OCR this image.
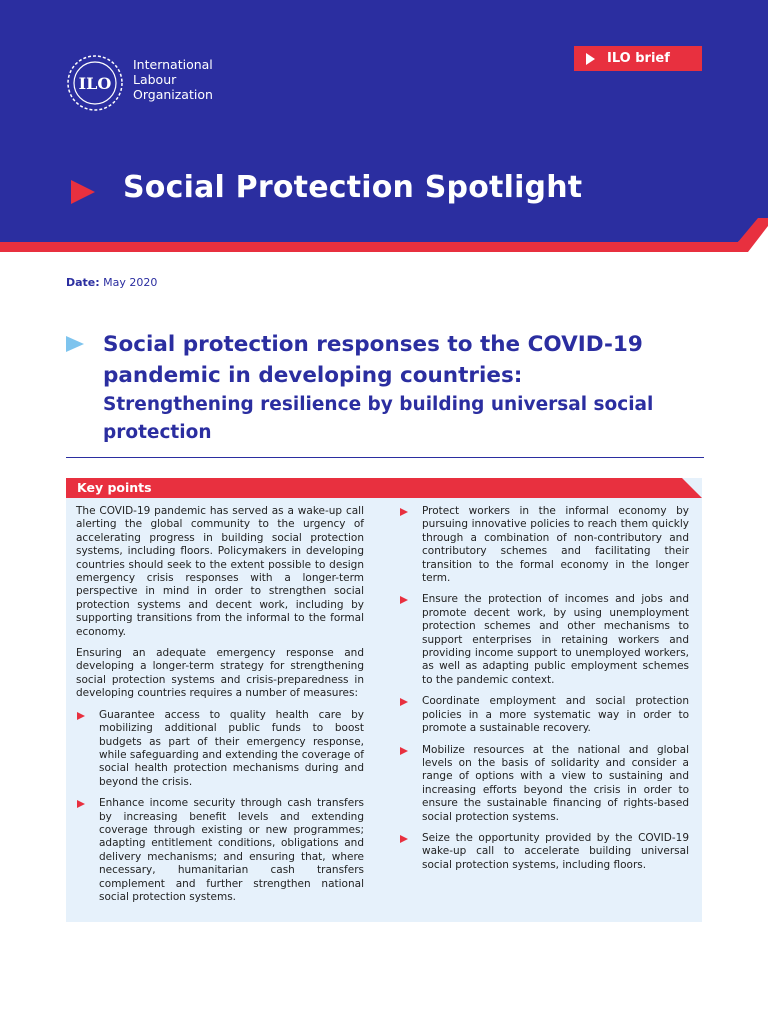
ILO
International
Labour
Organization
ILO brief
Social Protection Spotlight
Date: May 2020
Social protection responses to the COVID-19 pandemic in developing countries:
Strengthening resilience by building universal social protection
Key points

The COVID-19 pandemic has served as a wake-up call alerting the global community to the urgency of accelerating progress in building social protection systems, including floors. Policymakers in developing countries should seek to the extent possible to design emergency crisis responses with a longer-term perspective in mind in order to strengthen social protection systems and decent work, including by supporting transitions from the informal to the formal economy.

Ensuring an adequate emergency response and developing a longer-term strategy for strengthening social protection systems and crisis-preparedness in developing countries requires a number of measures:

Guarantee access to quality health care by mobilizing additional public funds to boost budgets as part of their emergency response, while safeguarding and extending the coverage of social health protection mechanisms during and beyond the crisis.
Enhance income security through cash transfers by increasing benefit levels and extending coverage through existing or new programmes; adapting entitlement conditions, obligations and delivery mechanisms; and ensuring that, where necessary, humanitarian cash transfers complement and further strengthen national social protection systems.
Protect workers in the informal economy by pursuing innovative policies to reach them quickly through a combination of non-contributory and contributory schemes and facilitating their transition to the formal economy in the longer term.
Ensure the protection of incomes and jobs and promote decent work, by using unemployment protection schemes and other mechanisms to support enterprises in retaining workers and providing income support to unemployed workers, as well as adapting public employment schemes to the pandemic context.
Coordinate employment and social protection policies in a more systematic way in order to promote a sustainable recovery.
Mobilize resources at the national and global levels on the basis of solidarity and consider a range of options with a view to sustaining and increasing efforts beyond the crisis in order to ensure the sustainable financing of rights-based social protection systems.
Seize the opportunity provided by the COVID-19 wake-up call to accelerate building universal social protection systems, including floors.
